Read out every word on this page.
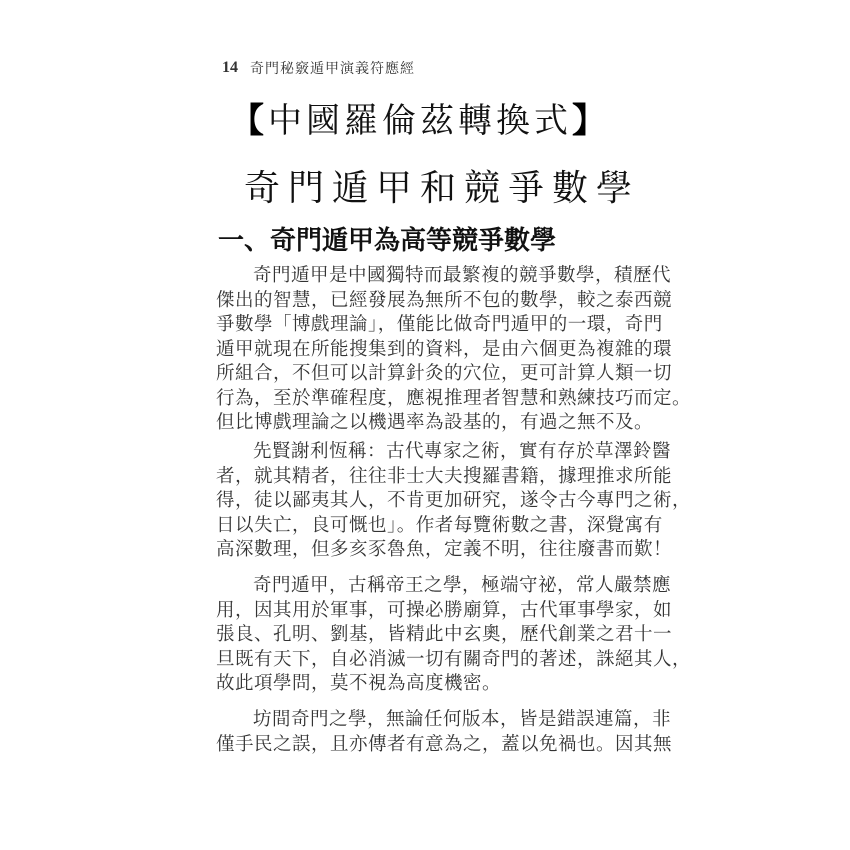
14 奇門秘竅遁甲演義符應經
【中國羅倫茲轉換式】
奇門遁甲和競爭數學
一、奇門遁甲為高等競爭數學
奇門遁甲是中國獨特而最繁複的競爭數學，積歷代
傑出的智慧，已經發展為無所不包的數學，較之泰西競
爭數學「博戲理論」，僅能比做奇門遁甲的一環，奇門
遁甲就現在所能搜集到的資料，是由六個更為複雜的環
所組合，不但可以計算針灸的穴位，更可計算人類一切
行為，至於準確程度，應視推理者智慧和熟練技巧而定。
但比博戲理論之以機遇率為設基的，有過之無不及。
先賢謝利恆稱：古代專家之術，實有存於草澤鈴醫
者，就其精者，往往非士大夫搜羅書籍，據理推求所能
得，徒以鄙夷其人，不肯更加研究，遂令古今專門之術，
日以失亡，良可慨也」。作者每覽術數之書，深覺寓有
高深數理，但多亥豕魯魚，定義不明，往往廢書而歎！
奇門遁甲，古稱帝王之學，極端守祕，常人嚴禁應
用，因其用於軍事，可操必勝廟算，古代軍事學家，如
張良、孔明、劉基，皆精此中玄奧，歷代創業之君十一
旦既有天下，自必消滅一切有關奇門的著述，誅絕其人，
故此項學問，莫不視為高度機密。
坊間奇門之學，無論任何版本，皆是錯誤連篇，非
僅手民之誤，且亦傳者有意為之，蓋以免禍也。因其無
